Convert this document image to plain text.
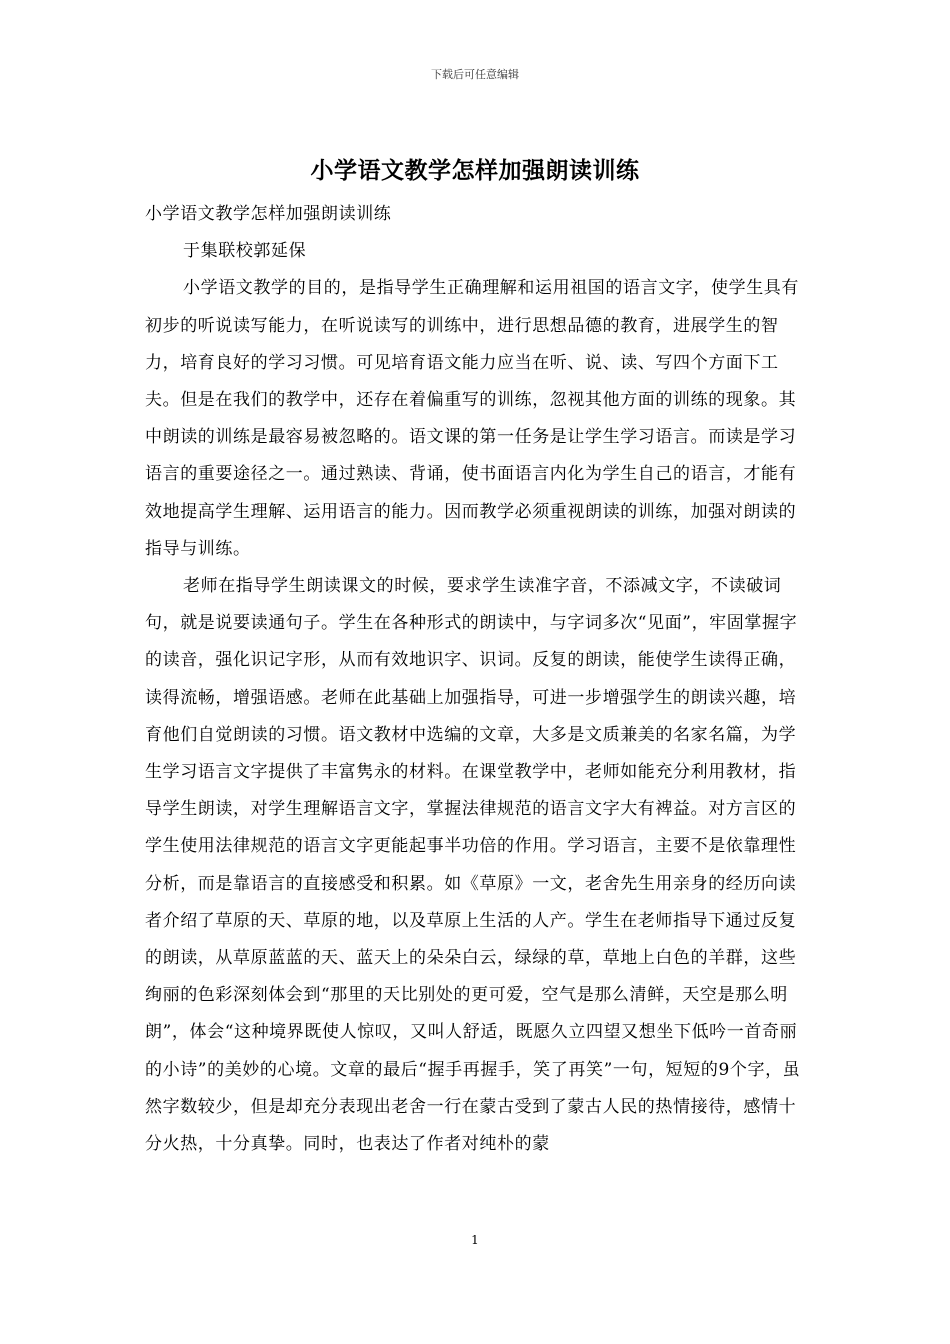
下载后可任意编辑
小学语文教学怎样加强朗读训练

小学语文教学怎样加强朗读训练

于集联校郭延保

小学语文教学的目的，是指导学生正确理解和运用祖国的语言文字，使学生具有初步的听说读写能力，在听说读写的训练中，进行思想品德的教育，进展学生的智力，培育良好的学习习惯。可见培育语文能力应当在听、说、读、写四个方面下工夫。但是在我们的教学中，还存在着偏重写的训练，忽视其他方面的训练的现象。其中朗读的训练是最容易被忽略的。语文课的第一任务是让学生学习语言。而读是学习语言的重要途径之一。通过熟读、背诵，使书面语言内化为学生自己的语言，才能有效地提高学生理解、运用语言的能力。因而教学必须重视朗读的训练，加强对朗读的指导与训练。

老师在指导学生朗读课文的时候，要求学生读准字音，不添减文字，不读破词句，就是说要读通句子。学生在各种形式的朗读中，与字词多次“见面”，牢固掌握字的读音，强化识记字形，从而有效地识字、识词。反复的朗读，能使学生读得正确，读得流畅，增强语感。老师在此基础上加强指导，可进一步增强学生的朗读兴趣，培育他们自觉朗读的习惯。语文教材中选编的文章，大多是文质兼美的名家名篇，为学生学习语言文字提供了丰富隽永的材料。在课堂教学中，老师如能充分利用教材，指导学生朗读，对学生理解语言文字，掌握法律规范的语言文字大有裨益。对方言区的学生使用法律规范的语言文字更能起事半功倍的作用。学习语言，主要不是依靠理性分析，而是靠语言的直接感受和积累。如《草原》一文，老舍先生用亲身的经历向读者介绍了草原的天、草原的地，以及草原上生活的人产。学生在老师指导下通过反复的朗读，从草原蓝蓝的天、蓝天上的朵朵白云，绿绿的草，草地上白色的羊群，这些绚丽的色彩深刻体会到“那里的天比别处的更可爱，空气是那么清鲜，天空是那么明朗”，体会“这种境界既使人惊叹，又叫人舒适，既愿久立四望又想坐下低吟一首奇丽的小诗”的美妙的心境。文章的最后“握手再握手，笑了再笑”一句，短短的9个字，虽然字数较少，但是却充分表现出老舍一行在蒙古受到了蒙古人民的热情接待，感情十分火热，十分真挚。同时，也表达了作者对纯朴的蒙

1
